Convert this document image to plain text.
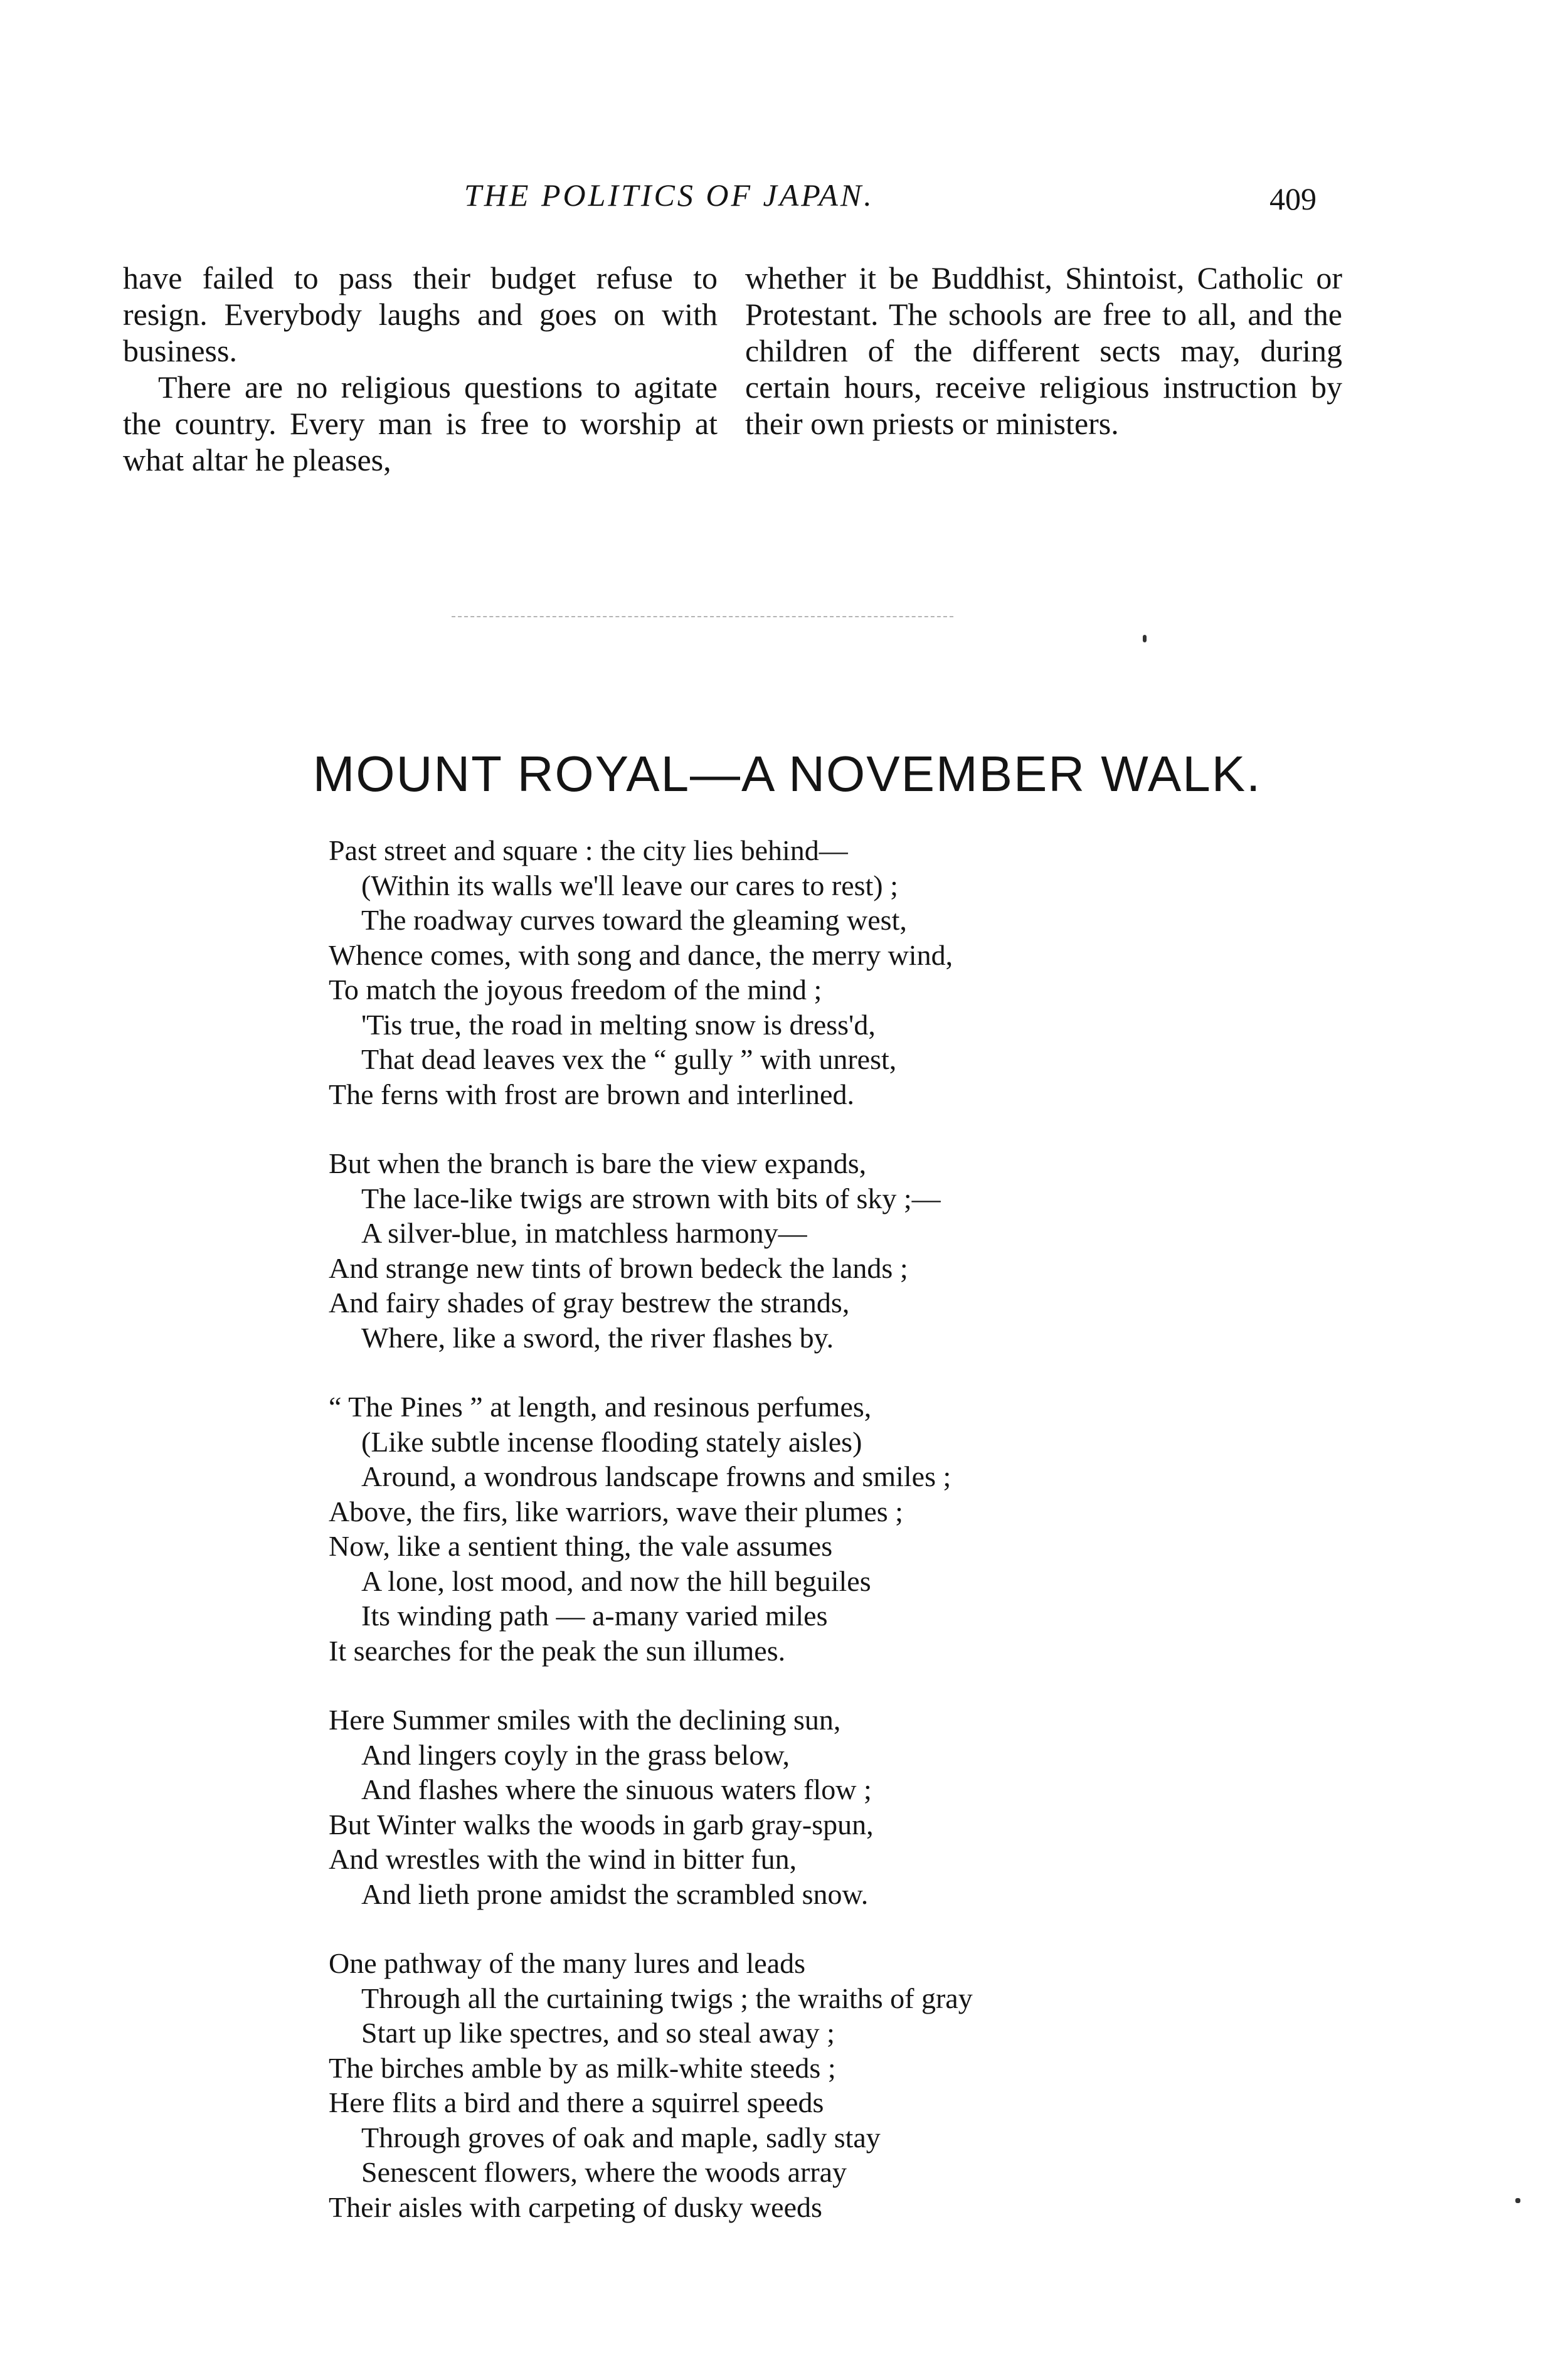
THE POLITICS OF JAPAN.	409

have failed to pass their budget refuse to resign. Everybody laughs and goes on with business.

There are no religious questions to agitate the country. Every man is free to worship at what altar he pleases,

whether it be Buddhist, Shintoist, Catholic or Protestant. The schools are free to all, and the children of the different sects may, during certain hours, receive religious instruction by their own priests or ministers.

MOUNT ROYAL—A NOVEMBER WALK.
Past street and square : the city lies behind—
(Within its walls we'll leave our cares to rest) ;
The roadway curves toward the gleaming west,
Whence comes, with song and dance, the merry wind,
To match the joyous freedom of the mind ;
'Tis true, the road in melting snow is dress'd,
That dead leaves vex the “ gully ” with unrest,
The ferns with frost are brown and interlined.
But when the branch is bare the view expands,
The lace-like twigs are strown with bits of sky ;—
A silver-blue, in matchless harmony—
And strange new tints of brown bedeck the lands ;
And fairy shades of gray bestrew the strands,
Where, like a sword, the river flashes by.
“ The Pines ” at length, and resinous perfumes,
(Like subtle incense flooding stately aisles)
Around, a wondrous landscape frowns and smiles ;
Above, the firs, like warriors, wave their plumes ;
Now, like a sentient thing, the vale assumes
A lone, lost mood, and now the hill beguiles
Its winding path — a-many varied miles
It searches for the peak the sun illumes.
Here Summer smiles with the declining sun,
And lingers coyly in the grass below,
And flashes where the sinuous waters flow ;
But Winter walks the woods in garb gray-spun,
And wrestles with the wind in bitter fun,
And lieth prone amidst the scrambled snow.
One pathway of the many lures and leads
Through all the curtaining twigs ; the wraiths of gray
Start up like spectres, and so steal away ;
The birches amble by as milk-white steeds ;
Here flits a bird and there a squirrel speeds
Through groves of oak and maple, sadly stay
Senescent flowers, where the woods array
Their aisles with carpeting of dusky weeds
